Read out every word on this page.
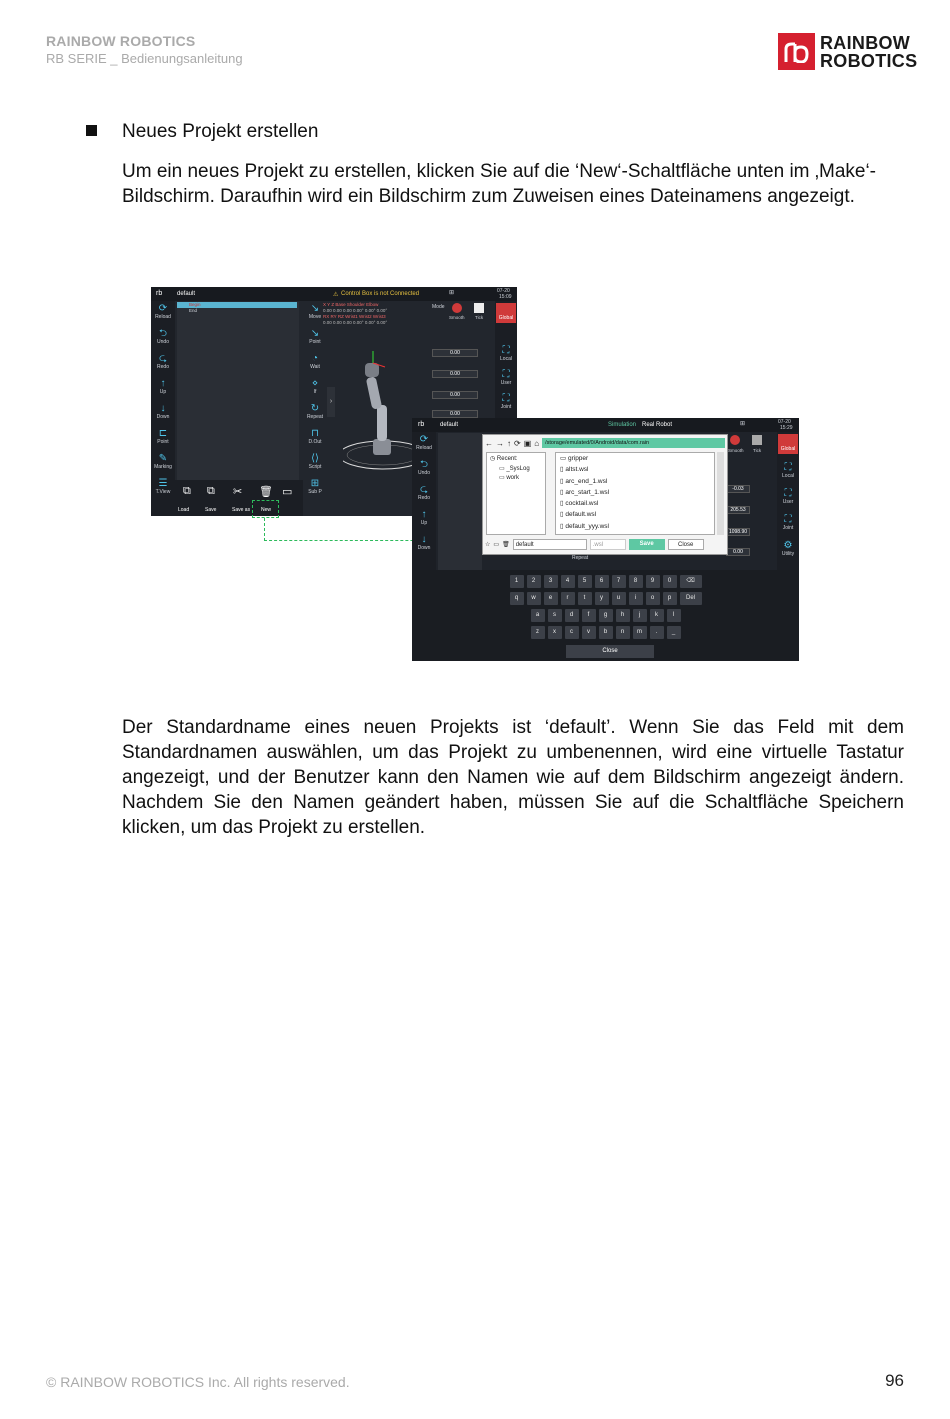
RAINBOW ROBOTICS
RB SERIE _ Bedienungsanleitung
RAINBOW
ROBOTICS
Neues Projekt erstellen
Um ein neues Projekt zu erstellen, klicken Sie auf die ‘New‘-Schaltfläche unten im ‚Make‘-Bildschirm. Daraufhin wird ein Bildschirm zum Zuweisen eines Dateinamens angezeigt.
rb default	⚠ Control Box is not Connected	⊞	07-20
15:09
⟳
Reload
⮌
Undo
⮎
Redo
↑
Up
↓
Down
⊏
Point
✎
Marking
☰
T.View
Begin
End	↘
Move
↘
Point
◔
Wait
⋄
If
↻
Repeat
⊓
D.Out
⟨⟩
Script
⊞
Sub P
›
X Y Z Base Shoulder Elbow
0.00 0.00 0.00 0.00° 0.00° 0.00°
RX RY RZ Wrist1 Wrist2 Wrist3
0.00 0.00 0.00 0.00° 0.00° 0.00°
Mode
Smooth Tick
0.00
0.00
0.00
0.00
Global
⛶
Local
⛶
User
⛶
Joint
⧉ ⧉ ✂ 🗑 ▭
Load	Save	Save as New
rb	default	Simulation Real Robot	⊞	07-20
15:29
⟳
Reload
⮌
Undo
⮎
Redo
↑
Up
↓
Down
Repeat
Smooth Tick
-0.03
205.53
1098.90
0.00
Global
⛶
Local
⛶
User
⛶
Joint
⚙
Utility
← → ↑ ⟳ ▣ ⌂	/storage/emulated/0/Android/data/com.rain
◷ Recent:
▭ _SysLog
▭ work
▭ gripper
▯ altst.wsl
▯ arc_end_1.wsl
▯ arc_start_1.wsl
▯ cocktail.wsl
▯ default.wsl
▯ default_yyy.wsl
☆ ▭ 🗑	default	.wsl	Save	Close
1	2	3	4	5	6	7	8	9	0	⌫
q	w	e	r	t	y	u	i	o	p	Del
a	s	d	f	g	h	j	k	l
z	x	c	v	b	n	m	.	_
Close
Der Standardname eines neuen Projekts ist ‘default’. Wenn Sie das Feld mit dem Standardnamen auswählen, um das Projekt zu umbenennen, wird eine virtuelle Tastatur angezeigt, und der Benutzer kann den Namen wie auf dem Bildschirm angezeigt ändern. Nachdem Sie den Namen geändert haben, müssen Sie auf die Schaltfläche Speichern klicken, um das Projekt zu erstellen.
© RAINBOW ROBOTICS Inc. All rights reserved.	96
